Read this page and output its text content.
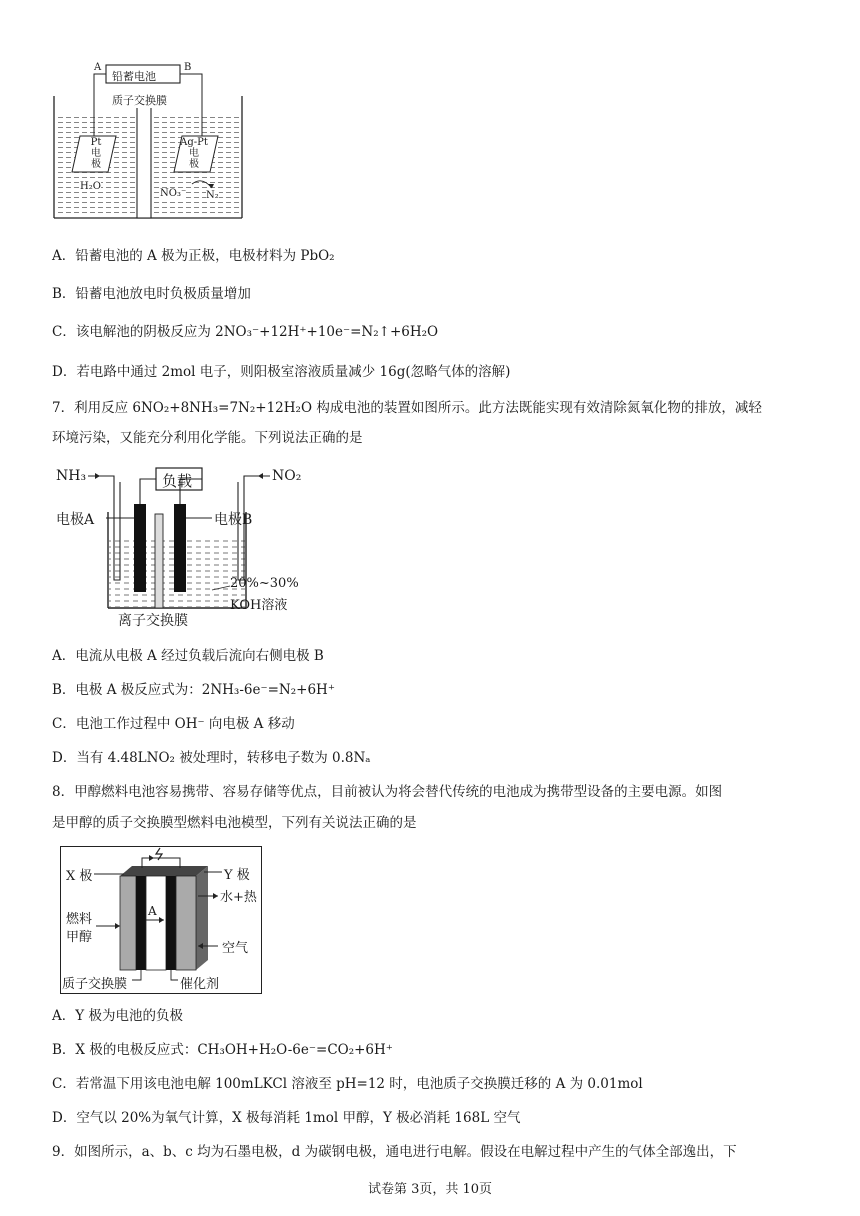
铅蓄电池
A	B
质子交换膜
Pt
电
极
Ag-Pt
电
极
H₂O
NO₃⁻ N₂
A．铅蓄电池的 A 极为正极，电极材料为 PbO₂
B．铅蓄电池放电时负极质量增加
C．该电解池的阴极反应为 2NO₃⁻+12H⁺+10e⁻=N₂↑+6H₂O
D．若电路中通过 2mol 电子，则阳极室溶液质量减少 16g(忽略气体的溶解)
7．利用反应 6NO₂+8NH₃=7N₂+12H₂O 构成电池的装置如图所示。此方法既能实现有效清除氮氧化物的排放，减轻
环境污染，又能充分利用化学能。下列说法正确的是
负载
NH₃	NO₂
电极A	电极B
20%~30%
KOH溶液
离子交换膜
A．电流从电极 A 经过负载后流向右侧电极 B
B．电极 A 极反应式为：2NH₃-6e⁻=N₂+6H⁺
C．电池工作过程中 OH⁻ 向电极 A 移动
D．当有 4.48LNO₂ 被处理时，转移电子数为 0.8Nₐ
8．甲醇燃料电池容易携带、容易存储等优点，目前被认为将会替代传统的电池成为携带型设备的主要电源。如图
是甲醇的质子交换膜型燃料电池模型，下列有关说法正确的是
X 极	Y 极
燃料
甲醇
A
水+热
空气
质子交换膜	催化剂
A．Y 极为电池的负极
B．X 极的电极反应式：CH₃OH+H₂O-6e⁻=CO₂+6H⁺
C．若常温下用该电池电解 100mLKCl 溶液至 pH=12 时，电池质子交换膜迁移的 A 为 0.01mol
D．空气以 20%为氧气计算，X 极每消耗 1mol 甲醇，Y 极必消耗 168L 空气
9．如图所示，a、b、c 均为石墨电极，d 为碳钢电极，通电进行电解。假设在电解过程中产生的气体全部逸出，下
试卷第 3页，共 10页
